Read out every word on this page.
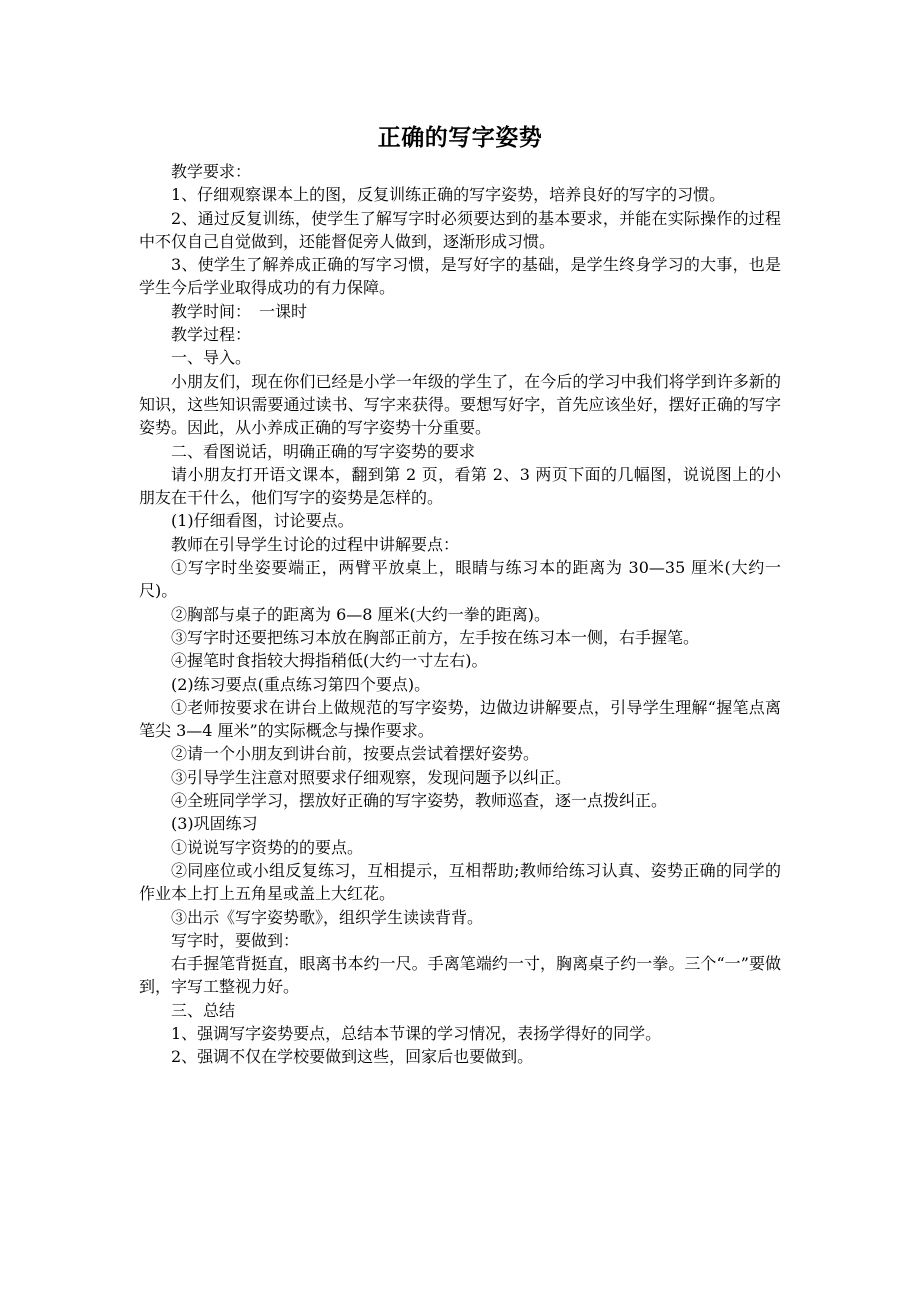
正确的写字姿势

教学要求：

1、仔细观察课本上的图，反复训练正确的写字姿势，培养良好的写字的习惯。

2、通过反复训练，使学生了解写字时必须要达到的基本要求，并能在实际操作的过程中不仅自己自觉做到，还能督促旁人做到，逐渐形成习惯。

3、使学生了解养成正确的写字习惯，是写好字的基础，是学生终身学习的大事，也是学生今后学业取得成功的有力保障。

教学时间：　一课时

教学过程：

一、导入。

小朋友们，现在你们已经是小学一年级的学生了，在今后的学习中我们将学到许多新的知识，这些知识需要通过读书、写字来获得。要想写好字，首先应该坐好，摆好正确的写字姿势。因此，从小养成正确的写字姿势十分重要。

二、看图说话，明确正确的写字姿势的要求

请小朋友打开语文课本，翻到第 2 页，看第 2、3 两页下面的几幅图，说说图上的小朋友在干什么，他们写字的姿势是怎样的。

(1)仔细看图，讨论要点。

教师在引导学生讨论的过程中讲解要点：

①写字时坐姿要端正，两臂平放桌上，眼睛与练习本的距离为 30—35 厘米(大约一尺)。

②胸部与桌子的距离为 6—8 厘米(大约一拳的距离)。

③写字时还要把练习本放在胸部正前方，左手按在练习本一侧，右手握笔。

④握笔时食指较大拇指稍低(大约一寸左右)。

(2)练习要点(重点练习第四个要点)。

①老师按要求在讲台上做规范的写字姿势，边做边讲解要点，引导学生理解“握笔点离笔尖 3—4 厘米”的实际概念与操作要求。

②请一个小朋友到讲台前，按要点尝试着摆好姿势。

③引导学生注意对照要求仔细观察，发现问题予以纠正。

④全班同学学习，摆放好正确的写字姿势，教师巡查，逐一点拨纠正。

(3)巩固练习

①说说写字资势的的要点。

②同座位或小组反复练习，互相提示，互相帮助;教师给练习认真、姿势正确的同学的作业本上打上五角星或盖上大红花。

③出示《写字姿势歌》，组织学生读读背背。

写字时，要做到：

右手握笔背挺直，眼离书本约一尺。手离笔端约一寸，胸离桌子约一拳。三个“一”要做到，字写工整视力好。

三、总结

1、强调写字姿势要点，总结本节课的学习情况，表扬学得好的同学。

2、强调不仅在学校要做到这些，回家后也要做到。
